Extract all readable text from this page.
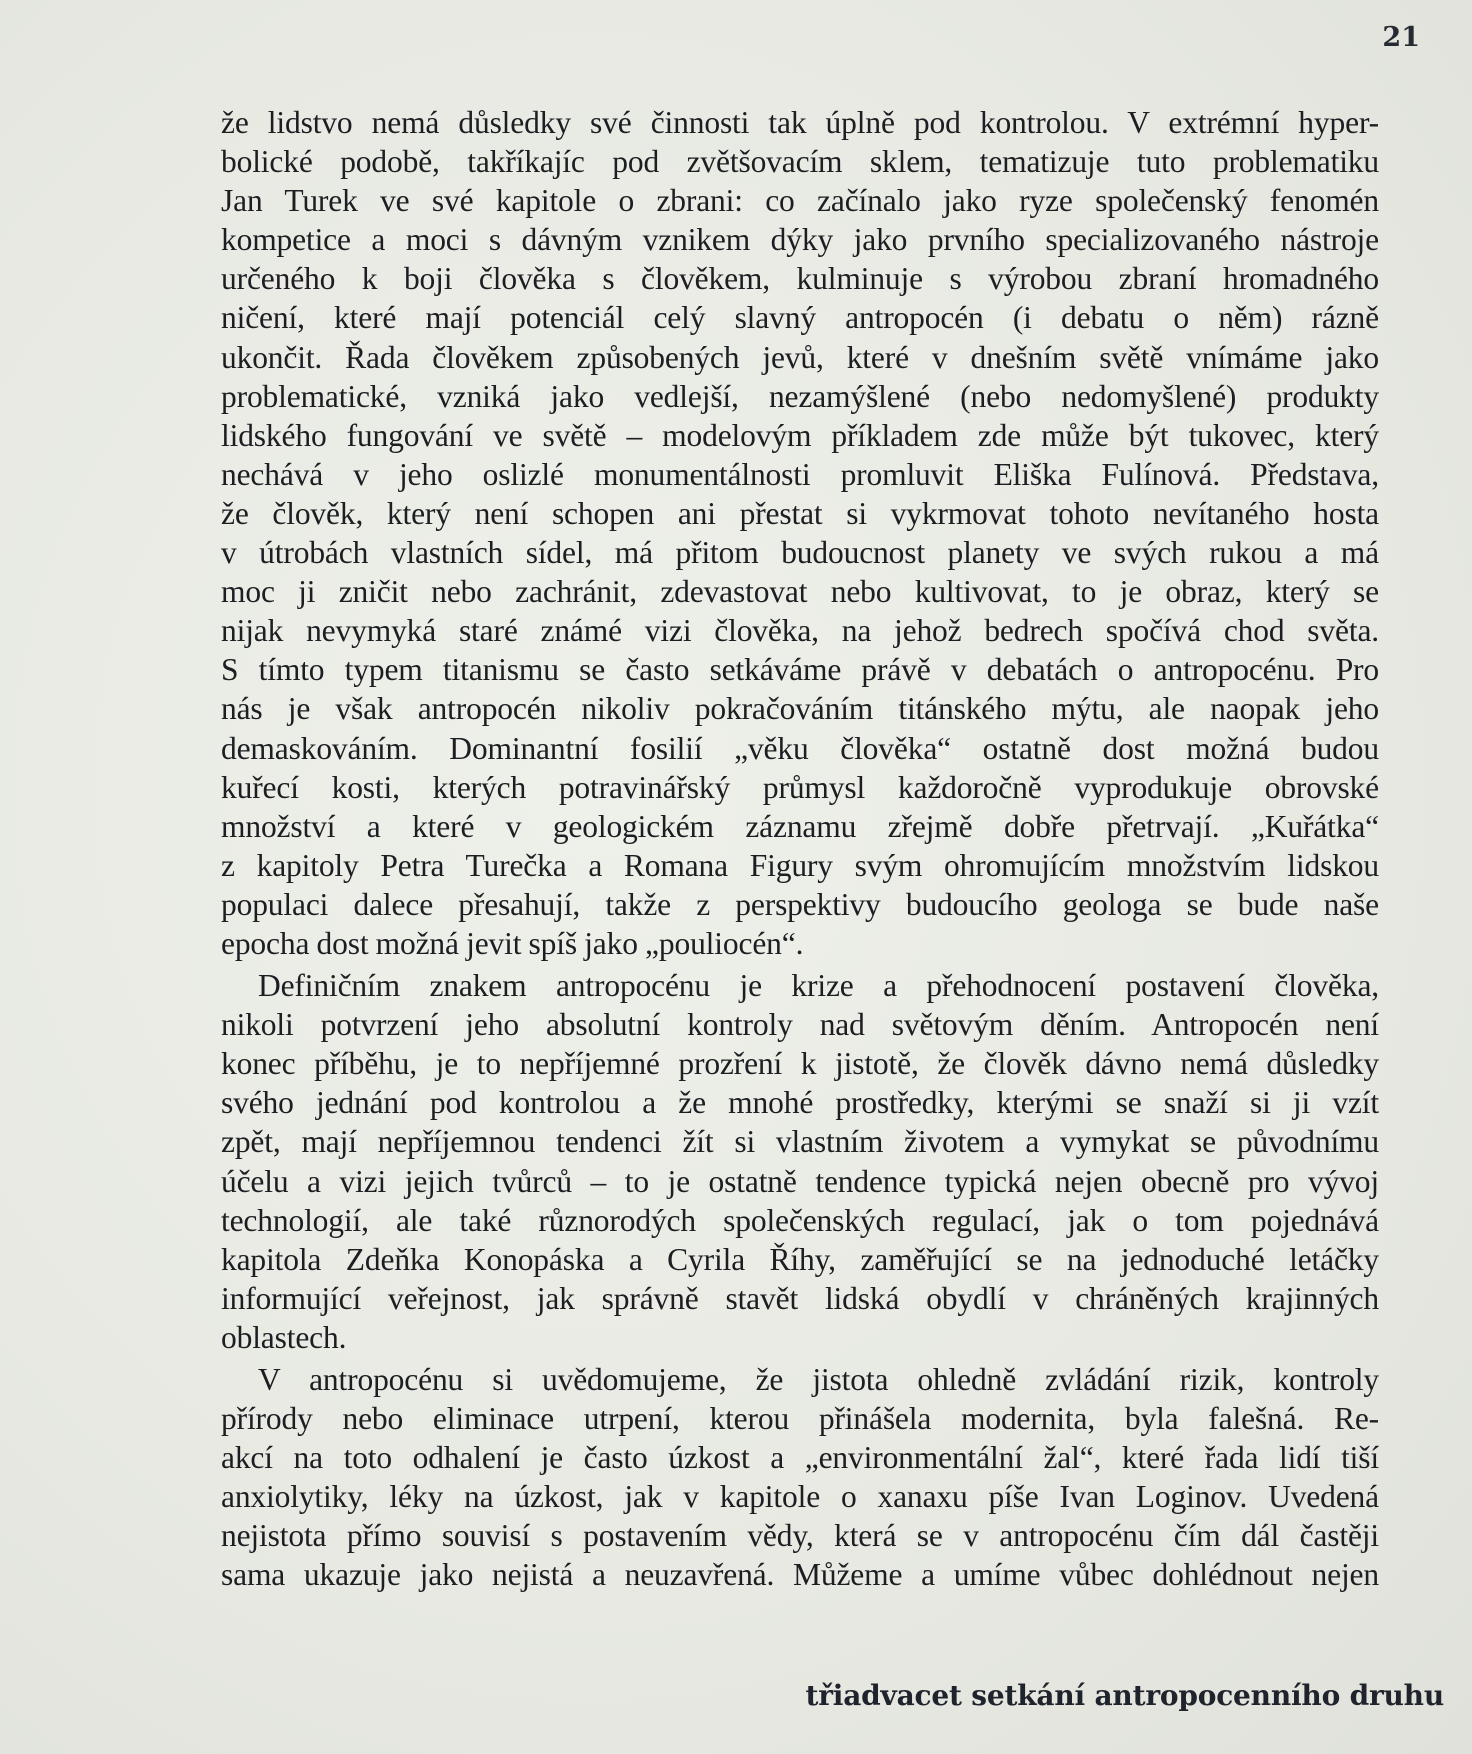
21
že lidstvo nemá důsledky své činnosti tak úplně pod kontrolou. V extrémní hyper-
bolické podobě, takříkajíc pod zvětšovacím sklem, tematizuje tuto problematiku
Jan Turek ve své kapitole o zbrani: co začínalo jako ryze společenský fenomén
kompetice a moci s dávným vznikem dýky jako prvního specializovaného nástroje
určeného k boji člověka s člověkem, kulminuje s výrobou zbraní hromadného
ničení, které mají potenciál celý slavný antropocén (i debatu o něm) rázně
ukončit. Řada člověkem způsobených jevů, které v dnešním světě vnímáme jako
problematické, vzniká jako vedlejší, nezamýšlené (nebo nedomyšlené) produkty
lidského fungování ve světě – modelovým příkladem zde může být tukovec, který
nechává v jeho oslizlé monumentálnosti promluvit Eliška Fulínová. Představa,
že člověk, který není schopen ani přestat si vykrmovat tohoto nevítaného hosta
v útrobách vlastních sídel, má přitom budoucnost planety ve svých rukou a má
moc ji zničit nebo zachránit, zdevastovat nebo kultivovat, to je obraz, který se
nijak nevymyká staré známé vizi člověka, na jehož bedrech spočívá chod světa.
S tímto typem titanismu se často setkáváme právě v debatách o antropocénu. Pro
nás je však antropocén nikoliv pokračováním titánského mýtu, ale naopak jeho
demaskováním. Dominantní fosilií „věku člověka“ ostatně dost možná budou
kuřecí kosti, kterých potravinářský průmysl každoročně vyprodukuje obrovské
množství a které v geologickém záznamu zřejmě dobře přetrvají. „Kuřátka“
z kapitoly Petra Turečka a Romana Figury svým ohromujícím množstvím lidskou
populaci dalece přesahují, takže z perspektivy budoucího geologa se bude naše
epocha dost možná jevit spíš jako „pouliocén“.
Definičním znakem antropocénu je krize a přehodnocení postavení člověka,
nikoli potvrzení jeho absolutní kontroly nad světovým děním. Antropocén není
konec příběhu, je to nepříjemné prozření k jistotě, že člověk dávno nemá důsledky
svého jednání pod kontrolou a že mnohé prostředky, kterými se snaží si ji vzít
zpět, mají nepříjemnou tendenci žít si vlastním životem a vymykat se původnímu
účelu a vizi jejich tvůrců – to je ostatně tendence typická nejen obecně pro vývoj
technologií, ale také různorodých společenských regulací, jak o tom pojednává
kapitola Zdeňka Konopáska a Cyrila Říhy, zaměřující se na jednoduché letáčky
informující veřejnost, jak správně stavět lidská obydlí v chráněných krajinných
oblastech.
V antropocénu si uvědomujeme, že jistota ohledně zvládání rizik, kontroly
přírody nebo eliminace utrpení, kterou přinášela modernita, byla falešná. Re-
akcí na toto odhalení je často úzkost a „environmentální žal“, které řada lidí tiší
anxiolytiky, léky na úzkost, jak v kapitole o xanaxu píše Ivan Loginov. Uvedená
nejistota přímo souvisí s postavením vědy, která se v antropocénu čím dál častěji
sama ukazuje jako nejistá a neuzavřená. Můžeme a umíme vůbec dohlédnout nejen
třiadvacet setkání antropocenního druhu
